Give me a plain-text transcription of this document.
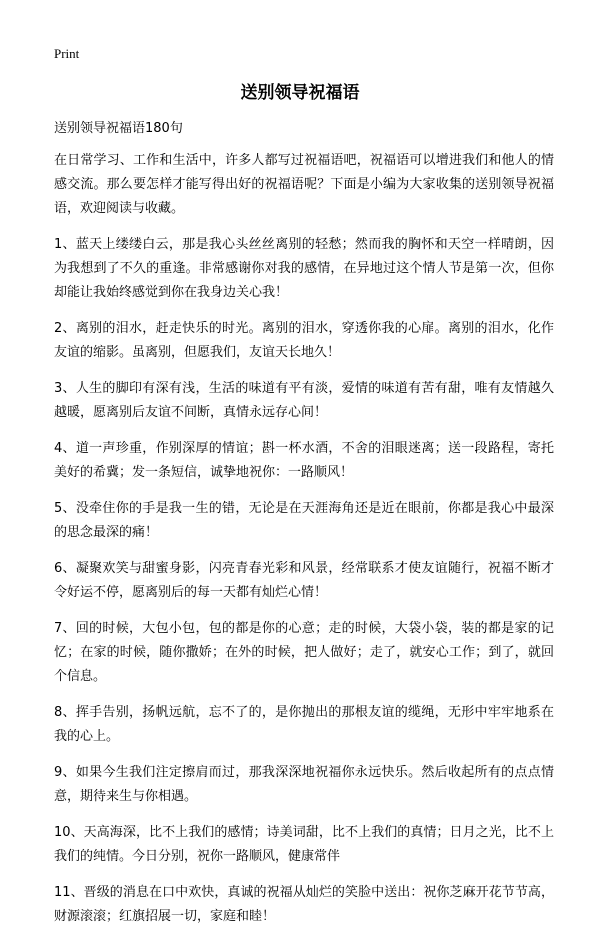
Print
送别领导祝福语

送别领导祝福语180句

在日常学习、工作和生活中，许多人都写过祝福语吧，祝福语可以增进我们和他人的情感交流。那么要怎样才能写得出好的祝福语呢？下面是小编为大家收集的送别领导祝福语，欢迎阅读与收藏。

1、蓝天上缕缕白云，那是我心头丝丝离别的轻愁；然而我的胸怀和天空一样晴朗，因为我想到了不久的重逢。非常感谢你对我的感情，在异地过这个情人节是第一次，但你却能让我始终感觉到你在我身边关心我！

2、离别的泪水，赶走快乐的时光。离别的泪水，穿透你我的心扉。离别的泪水，化作友谊的缩影。虽离别，但愿我们，友谊天长地久！

3、人生的脚印有深有浅，生活的味道有平有淡，爱情的味道有苦有甜，唯有友情越久越暖，愿离别后友谊不间断，真情永远存心间！

4、道一声珍重，作别深厚的情谊；斟一杯水酒，不舍的泪眼迷离；送一段路程，寄托美好的希冀；发一条短信，诚挚地祝你：一路顺风！

5、没牵住你的手是我一生的错，无论是在天涯海角还是近在眼前，你都是我心中最深的思念最深的痛！

6、凝聚欢笑与甜蜜身影，闪亮青春光彩和风景，经常联系才使友谊随行，祝福不断才令好运不停，愿离别后的每一天都有灿烂心情！

7、回的时候，大包小包，包的都是你的心意；走的时候，大袋小袋，装的都是家的记忆；在家的时候，随你撒娇；在外的时候，把人做好；走了，就安心工作；到了，就回个信息。

8、挥手告别，扬帆远航，忘不了的，是你抛出的那根友谊的缆绳，无形中牢牢地系在我的心上。

9、如果今生我们注定擦肩而过，那我深深地祝福你永远快乐。然后收起所有的点点情意，期待来生与你相遇。

10、天高海深，比不上我们的感情；诗美词甜，比不上我们的真情；日月之光，比不上我们的纯情。今日分别，祝你一路顺风，健康常伴

11、晋级的消息在口中欢快，真诚的祝福从灿烂的笑脸中送出：祝你芝麻开花节节高，财源滚滚；红旗招展一切，家庭和睦！
